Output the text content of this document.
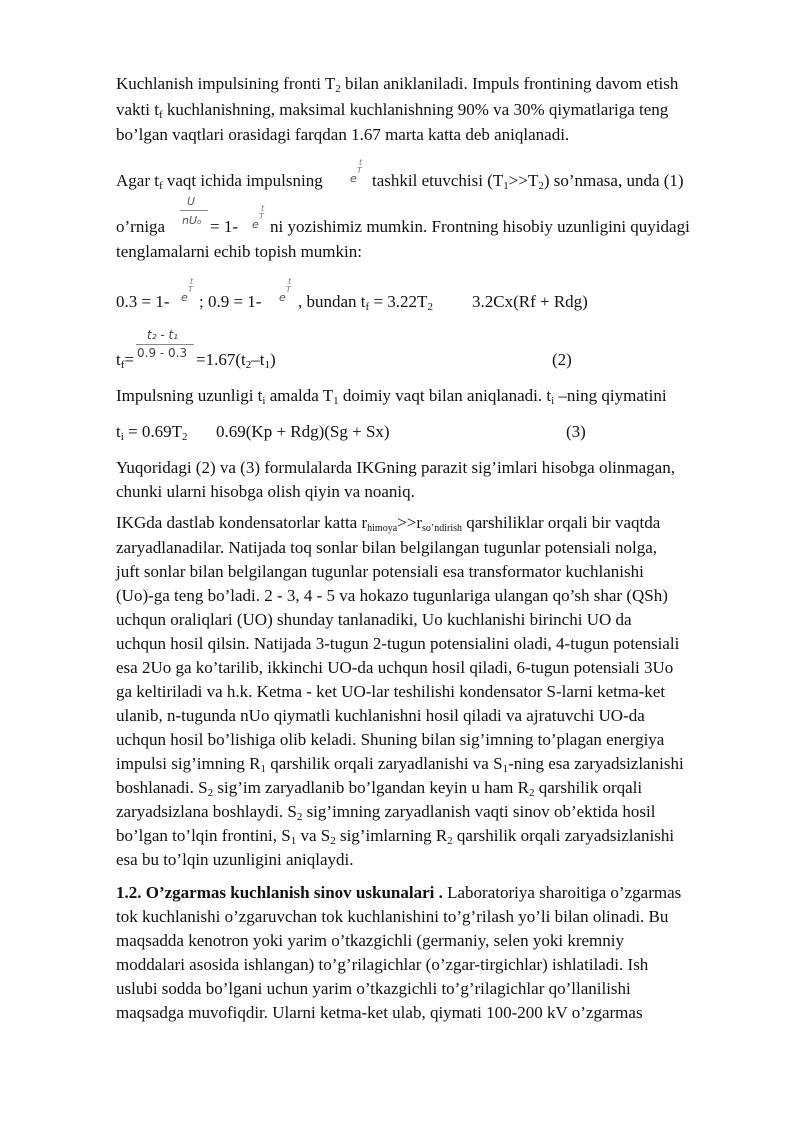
Kuchlanish impulsining fronti $T_2$ bilan aniklaniladi. Impuls frontining davom etish
vakti $t_f$ kuchlanishning, maksimal kuchlanishning 90% va 30% qiymatlariga teng
bo’lgan vaqtlari orasidagi farqdan 1.67 marta katta deb aniqlanadi.
Agar $t_f$ vaqt ichida impulsning e
T
t
tashkil etuvchisi $(T_1>>T_2)$ so’nmasa, unda (1)
U
nUo
o’rniga	= 1- e
T
t
ni yozishimiz mumkin. Frontning hisobiy uzunligini quyidagi
tenglamalarni echib topish mumkin:
0.3 = 1- e
T
t
; 0.9 = 1- e
T
t
, bundan $t_f = 3.22T_2$ 3.2Cx(Rf + Rdg)
t₂ - t₁
0.9 - 0.3
$t_f=$	$=1.67(t_2-t_1)$	(2)
Impulsning uzunligi $t_i$ amalda $T_1$ doimiy vaqt bilan aniqlanadi. $t_i$ –ning qiymatini
$t_i = 0.69T_2$ 0.69(Kp + Rdg)(Sg + Sx)	(3)
Yuqoridagi (2) va (3) formulalarda IKGning parazit sig’imlari hisobga olinmagan,
chunki ularni hisobga olish qiyin va noaniq.
IKGda dastlab kondensatorlar katta $r_{himoya}>>r_{so’ndirish}$ qarshiliklar orqali bir vaqtda
zaryadlanadilar. Natijada toq sonlar bilan belgilangan tugunlar potensiali nolga,
juft sonlar bilan belgilangan tugunlar potensiali esa transformator kuchlanishi
(Uo)-ga teng bo’ladi. 2 - 3, 4 - 5 va hokazo tugunlariga ulangan qo’sh shar (QSh)
uchqun oraliqlari (UO) shunday tanlanadiki, Uo kuchlanishi birinchi UO da
uchqun hosil qilsin. Natijada 3-tugun 2-tugun potensialini oladi, 4-tugun potensiali
esa 2Uo ga ko’tarilib, ikkinchi UO-da uchqun hosil qiladi, 6-tugun potensiali 3Uo
ga keltiriladi va h.k. Ketma - ket UO-lar teshilishi kondensator S-larni ketma-ket
ulanib, n-tugunda nUo qiymatli kuchlanishni hosil qiladi va ajratuvchi UO-da
uchqun hosil bo’lishiga olib keladi. Shuning bilan sig’imning to’plagan energiya
impulsi sig’imning $R_1$ qarshilik orqali zaryadlanishi va $S_1$-ning esa zaryadsizlanishi
boshlanadi. $S_2$ sig’im zaryadlanib bo’lgandan keyin u ham $R_2$ qarshilik orqali
zaryadsizlana boshlaydi. $S_2$ sig’imning zaryadlanish vaqti sinov ob’ektida hosil
bo’lgan to’lqin frontini, $S_1$ va $S_2$ sig’imlarning $R_2$ qarshilik orqali zaryadsizlanishi
esa bu to’lqin uzunligini aniqlaydi.
1.2. O’zgarmas kuchlanish sinov uskunalari . Laboratoriya sharoitiga o’zgarmas
tok kuchlanishi o’zgaruvchan tok kuchlanishini to’g’rilash yo’li bilan olinadi. Bu
maqsadda kenotron yoki yarim o’tkazgichli (germaniy, selen yoki kremniy
moddalari asosida ishlangan) to’g’rilagichlar (o’zgar-tirgichlar) ishlatiladi. Ish
uslubi sodda bo’lgani uchun yarim o’tkazgichli to’g’rilagichlar qo’llanilishi
maqsadga muvofiqdir. Ularni ketma-ket ulab, qiymati 100-200 kV o’zgarmas
